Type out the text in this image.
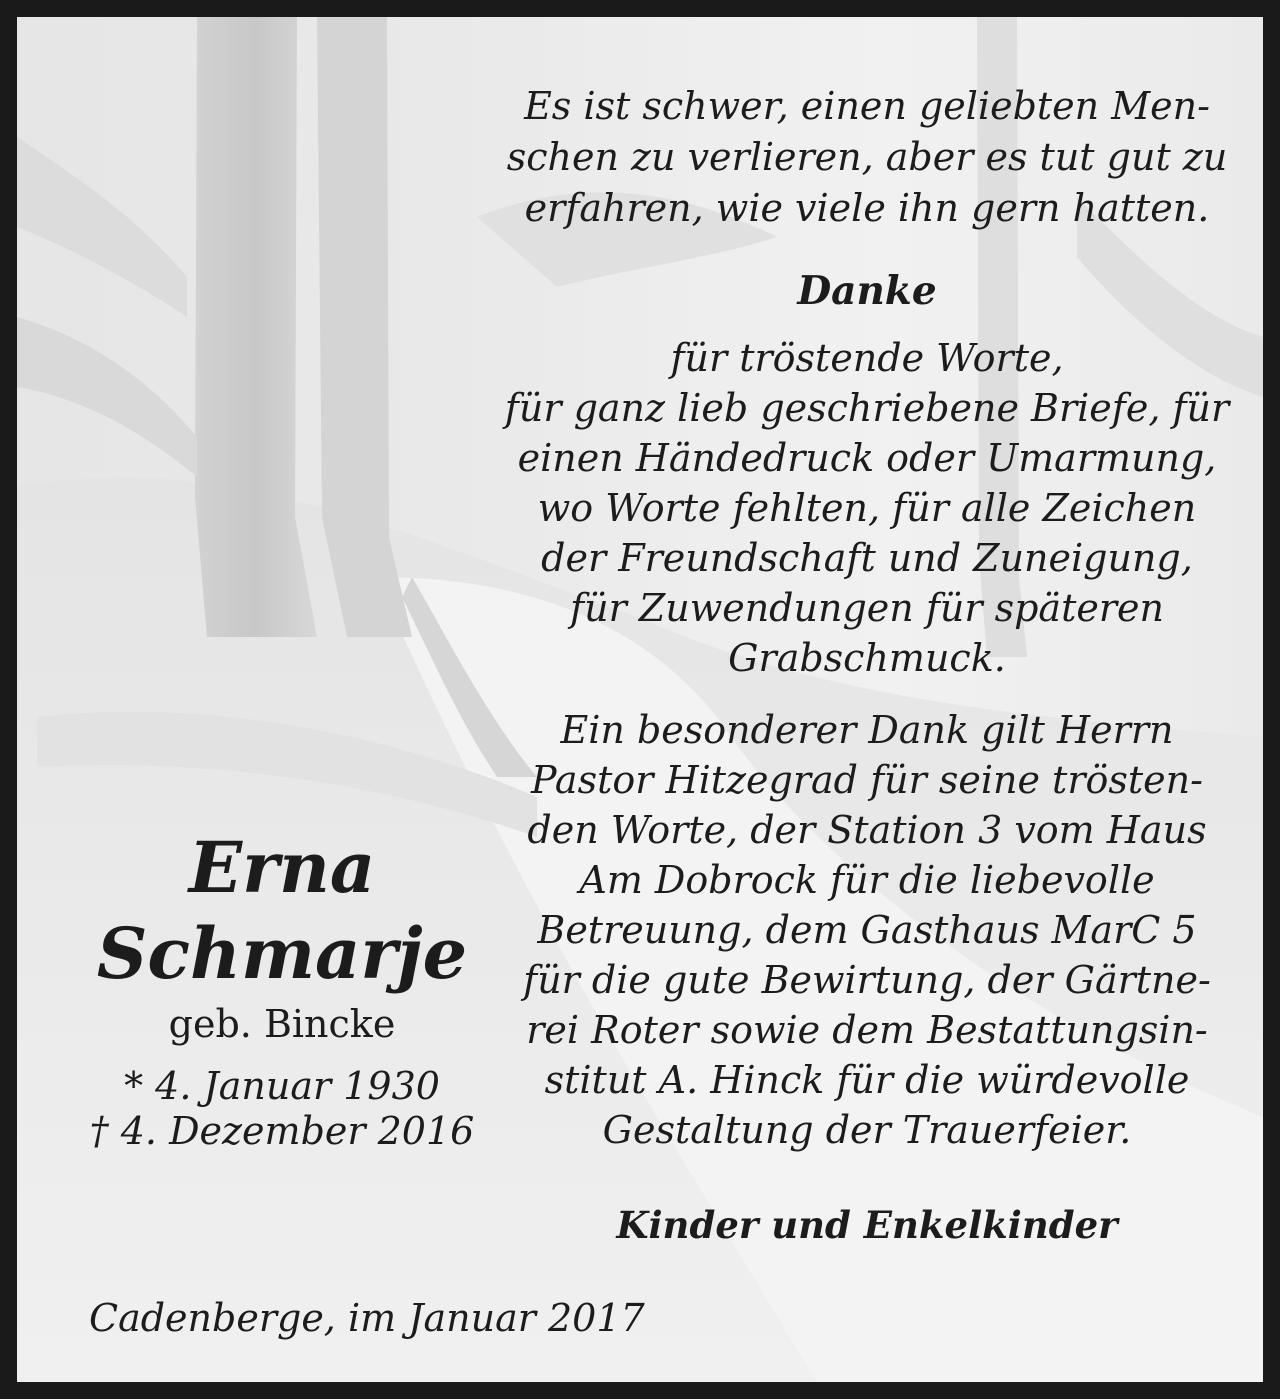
Es ist schwer, einen geliebten Men-
schen zu verlieren, aber es tut gut zu
erfahren, wie viele ihn gern hatten.

Danke

für tröstende Worte,
für ganz lieb geschriebene Briefe, für
einen Händedruck oder Umarmung,
wo Worte fehlten, für alle Zeichen
der Freundschaft und Zuneigung,
für Zuwendungen für späteren
Grabschmuck.

Ein besonderer Dank gilt Herrn
Pastor Hitzegrad für seine trösten-
den Worte, der Station 3 vom Haus
Am Dobrock für die liebevolle
Betreuung, dem Gasthaus MarC 5
für die gute Bewirtung, der Gärtne-
rei Roter sowie dem Bestattungsin-
stitut A. Hinck für die würdevolle
Gestaltung der Trauerfeier.

Kinder und Enkelkinder

Erna
Schmarje
geb. Bincke
* 4. Januar 1930
† 4. Dezember 2016
Cadenberge, im Januar 2017
